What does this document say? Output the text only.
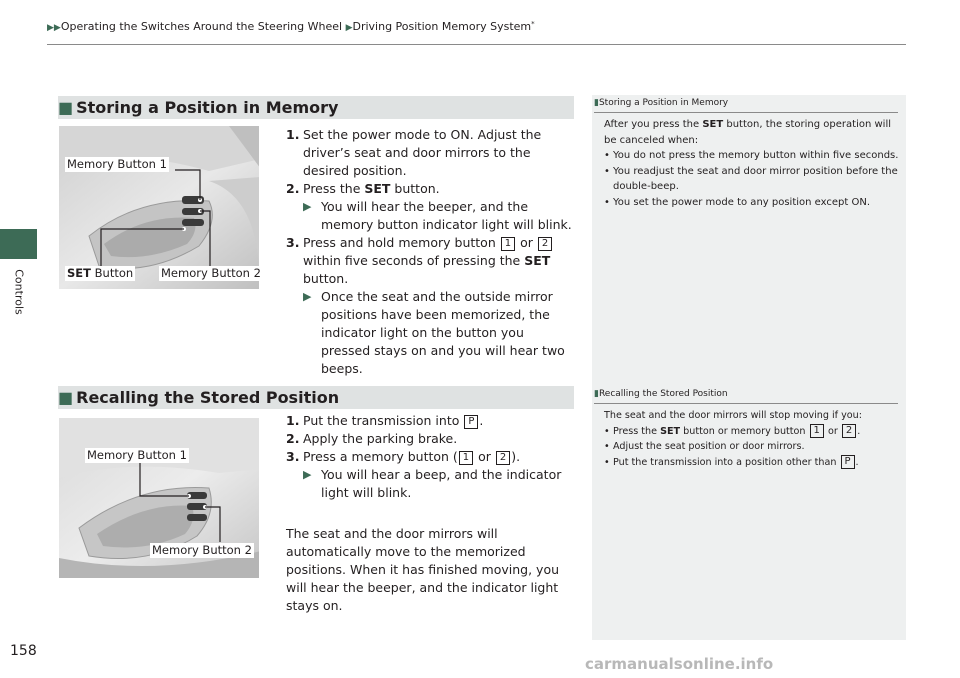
Controls
▶▶Operating the Switches Around the Steering Wheel ▶Driving Position Memory System*
■ Storing a Position in Memory
Memory Button 1
SET Button Memory Button 2
1. Set the power mode to ON. Adjust the driver’s seat and door mirrors to the desired position.
2. Press the SET button.
▶ You will hear the beeper, and the memory button indicator light will blink.
3. Press and hold memory button 1 or 2 within five seconds of pressing the SET button.
▶ Once the seat and the outside mirror positions have been memorized, the indicator light on the button you pressed stays on and you will hear two beeps.
▮Storing a Position in Memory
After you press the SET button, the storing operation will be canceled when:
• You do not press the memory button within five seconds.
• You readjust the seat and door mirror position before the double-beep.
• You set the power mode to any position except ON.
■ Recalling the Stored Position
Memory Button 1
Memory Button 2
1. Put the transmission into P .
2. Apply the parking brake.
3. Press a memory button ( 1 or 2 ).
▶ You will hear a beep, and the indicator light will blink.
The seat and the door mirrors will automatically move to the memorized positions. When it has finished moving, you will hear the beeper, and the indicator light stays on.
▮Recalling the Stored Position
The seat and the door mirrors will stop moving if you:
• Press the SET button or memory button 1 or 2 .
• Adjust the seat position or door mirrors.
• Put the transmission into a position other than P .
158
carmanualsonline.info
